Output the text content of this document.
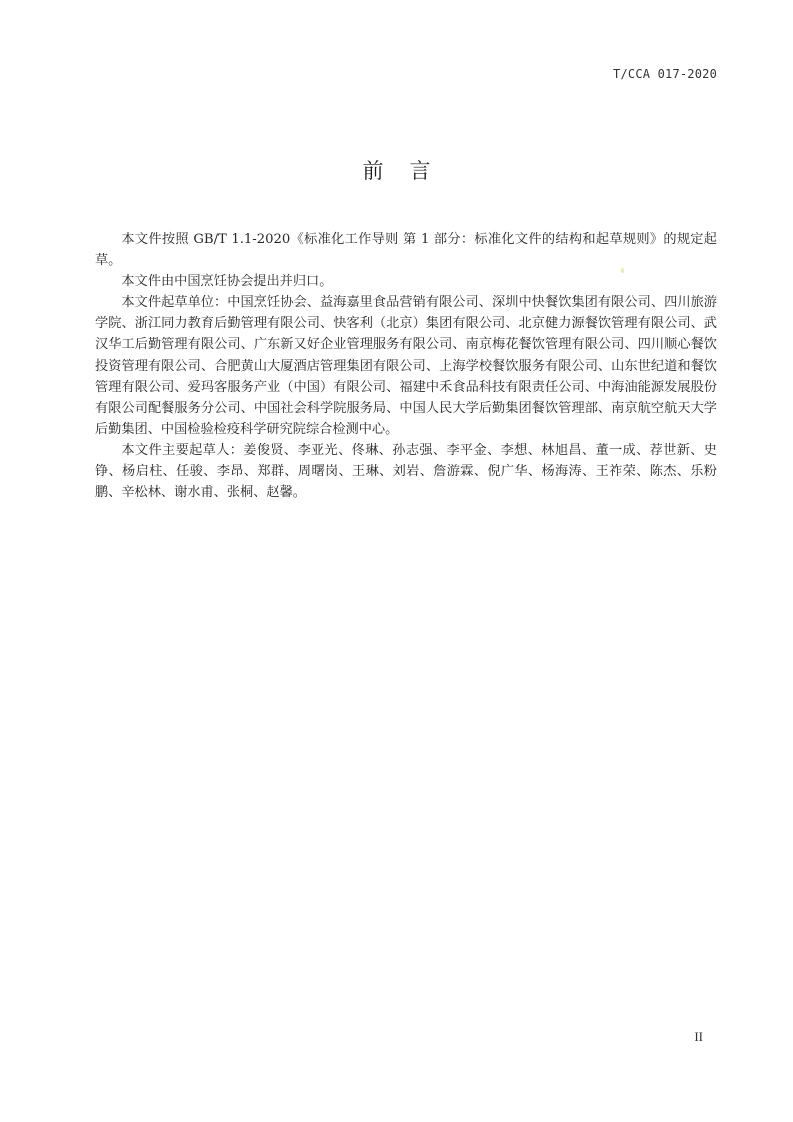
T/CCA 017-2020
前言

本文件按照 GB/T 1.1-2020《标准化工作导则 第 1 部分：标准化文件的结构和起草规则》的规定起草。

本文件由中国烹饪协会提出并归口。

本文件起草单位：中国烹饪协会、益海嘉里食品营销有限公司、深圳中快餐饮集团有限公司、四川旅游学院、浙江同力教育后勤管理有限公司、快客利（北京）集团有限公司、北京健力源餐饮管理有限公司、武汉华工后勤管理有限公司、广东新又好企业管理服务有限公司、南京梅花餐饮管理有限公司、四川顺心餐饮投资管理有限公司、合肥黄山大厦酒店管理集团有限公司、上海学校餐饮服务有限公司、山东世纪道和餐饮管理有限公司、爱玛客服务产业（中国）有限公司、福建中禾食品科技有限责任公司、中海油能源发展股份有限公司配餐服务分公司、中国社会科学院服务局、中国人民大学后勤集团餐饮管理部、南京航空航天大学后勤集团、中国检验检疫科学研究院综合检测中心。

本文件主要起草人：姜俊贤、李亚光、佟琳、孙志强、李平金、李想、林旭昌、董一成、荐世新、史铮、杨启柱、任骏、李昂、郑群、周曙岗、王琳、刘岩、詹游霖、倪广华、杨海涛、王祚荣、陈杰、乐粉鹏、辛松林、谢水甫、张桐、赵馨。

II
